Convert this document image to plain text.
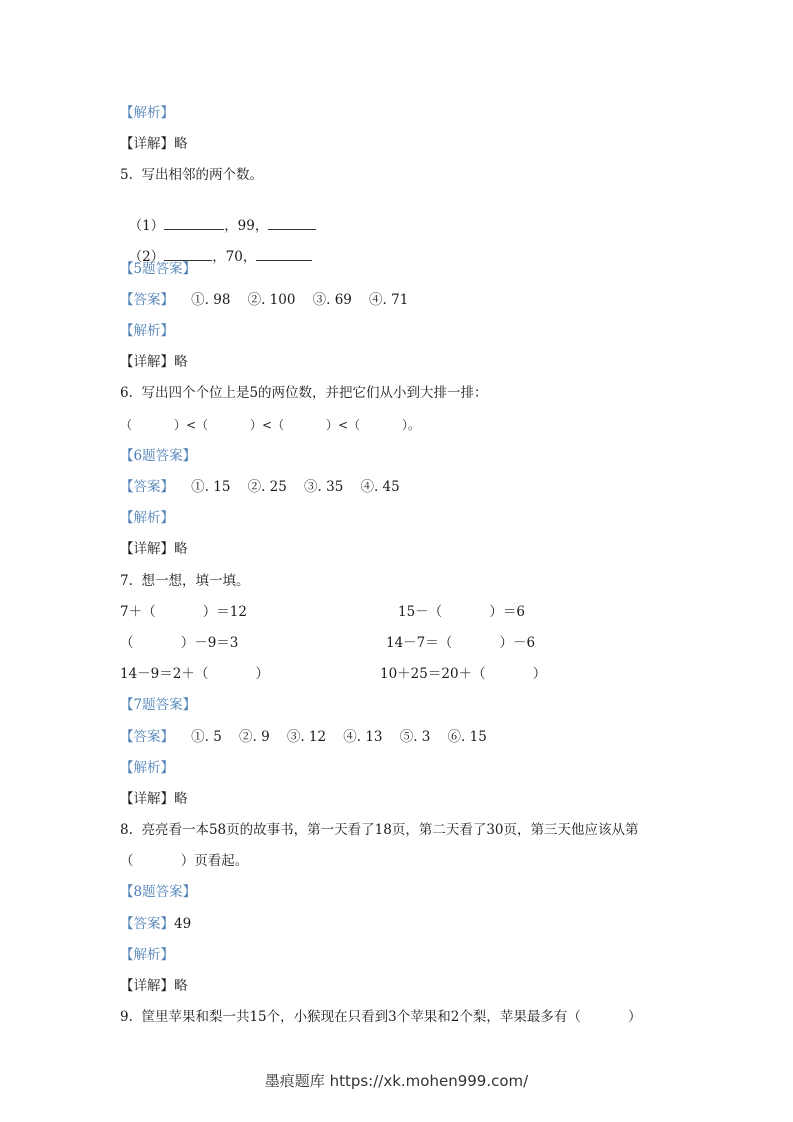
【解析】
【详解】略
5.  写出相邻的两个数。

（1）	，99，

（2）	，70，

【5题答案】
【答案】    ①. 98    ②. 100    ③. 69    ④. 71
【解析】
【详解】略
6.  写出四个个位上是5的两位数，并把它们从小到大排一排：
（           ）<（           ）<（           ）<（           ）。
【6题答案】
【答案】    ①. 15    ②. 25    ③. 35    ④. 45
【解析】
【详解】略
7.  想一想，填一填。
7＋（           ）＝12	15－（           ）＝6
（           ）－9＝3	14－7＝（           ）－6
14－9＝2＋（           ）	10＋25＝20＋（           ）
【7题答案】
【答案】    ①. 5    ②. 9    ③. 12    ④. 13    ⑤. 3    ⑥. 15
【解析】
【详解】略
8.  亮亮看一本58页的故事书，第一天看了18页，第二天看了30页，第三天他应该从第
（           ）页看起。
【8题答案】
【答案】49
【解析】
【详解】略
9.  筐里苹果和梨一共15个，小猴现在只看到3个苹果和2个梨，苹果最多有（           ）
墨痕题库 https://xk.mohen999.com/
